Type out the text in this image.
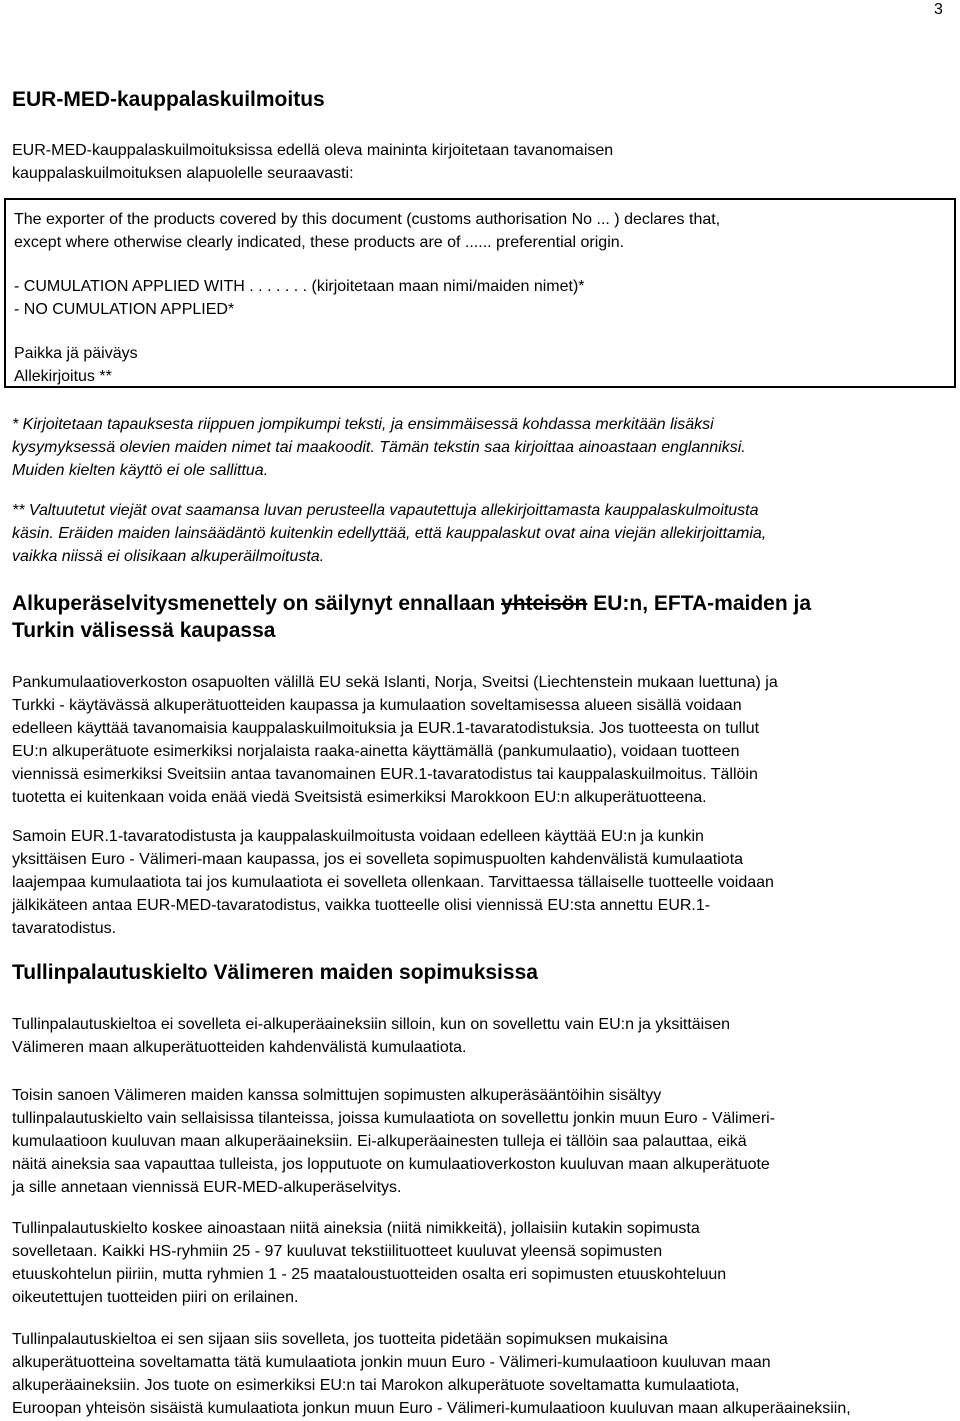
3
EUR-MED-kauppalaskuilmoitus
EUR-MED-kauppalaskuilmoituksissa edellä oleva maininta kirjoitetaan tavanomaisen
kauppalaskuilmoituksen alapuolelle seuraavasti:
The exporter of the products covered by this document (customs authorisation No ... ) declares that,
except where otherwise clearly indicated, these products are of ...... preferential origin.
- CUMULATION APPLIED WITH . . . . . . . (kirjoitetaan maan nimi/maiden nimet)*
- NO CUMULATION APPLIED*
Paikka jä päiväys
Allekirjoitus **
* Kirjoitetaan tapauksesta riippuen jompikumpi teksti, ja ensimmäisessä kohdassa merkitään lisäksi
kysymyksessä olevien maiden nimet tai maakoodit. Tämän tekstin saa kirjoittaa ainoastaan englanniksi.
Muiden kielten käyttö ei ole sallittua.
** Valtuutetut viejät ovat saamansa luvan perusteella vapautettuja allekirjoittamasta kauppalaskulmoitusta
käsin. Eräiden maiden lainsäädäntö kuitenkin edellyttää, että kauppalaskut ovat aina viejän allekirjoittamia,
vaikka niissä ei olisikaan alkuperäilmoitusta.
Alkuperäselvitysmenettely on säilynyt ennallaan yhteisön EU:n, EFTA-maiden ja
Turkin välisessä kaupassa
Pankumulaatioverkoston osapuolten välillä EU sekä Islanti, Norja, Sveitsi (Liechtenstein mukaan luettuna) ja
Turkki - käytävässä alkuperätuotteiden kaupassa ja kumulaation soveltamisessa alueen sisällä voidaan
edelleen käyttää tavanomaisia kauppalaskuilmoituksia ja EUR.1-tavaratodistuksia. Jos tuotteesta on tullut
EU:n alkuperätuote esimerkiksi norjalaista raaka-ainetta käyttämällä (pankumulaatio), voidaan tuotteen
viennissä esimerkiksi Sveitsiin antaa tavanomainen EUR.1-tavaratodistus tai kauppalaskuilmoitus. Tällöin
tuotetta ei kuitenkaan voida enää viedä Sveitsistä esimerkiksi Marokkoon EU:n alkuperätuotteena.
Samoin EUR.1-tavaratodistusta ja kauppalaskuilmoitusta voidaan edelleen käyttää EU:n ja kunkin
yksittäisen Euro - Välimeri-maan kaupassa, jos ei sovelleta sopimuspuolten kahdenvälistä kumulaatiota
laajempaa kumulaatiota tai jos kumulaatiota ei sovelleta ollenkaan. Tarvittaessa tällaiselle tuotteelle voidaan
jälkikäteen antaa EUR-MED-tavaratodistus, vaikka tuotteelle olisi viennissä EU:sta annettu EUR.1-
tavaratodistus.
Tullinpalautuskielto Välimeren maiden sopimuksissa
Tullinpalautuskieltoa ei sovelleta ei-alkuperäaineksiin silloin, kun on sovellettu vain EU:n ja yksittäisen
Välimeren maan alkuperätuotteiden kahdenvälistä kumulaatiota.
Toisin sanoen Välimeren maiden kanssa solmittujen sopimusten alkuperäsääntöihin sisältyy
tullinpalautuskielto vain sellaisissa tilanteissa, joissa kumulaatiota on sovellettu jonkin muun Euro - Välimeri-
kumulaatioon kuuluvan maan alkuperäaineksiin. Ei-alkuperäainesten tulleja ei tällöin saa palauttaa, eikä
näitä aineksia saa vapauttaa tulleista, jos lopputuote on kumulaatioverkoston kuuluvan maan alkuperätuote
ja sille annetaan viennissä EUR-MED-alkuperäselvitys.
Tullinpalautuskielto koskee ainoastaan niitä aineksia (niitä nimikkeitä), jollaisiin kutakin sopimusta
sovelletaan. Kaikki HS-ryhmiin 25 - 97 kuuluvat tekstiilituotteet kuuluvat yleensä sopimusten
etuuskohtelun piiriin, mutta ryhmien 1 - 25 maataloustuotteiden osalta eri sopimusten etuuskohteluun
oikeutettujen tuotteiden piiri on erilainen.
Tullinpalautuskieltoa ei sen sijaan siis sovelleta, jos tuotteita pidetään sopimuksen mukaisina
alkuperätuotteina soveltamatta tätä kumulaatiota jonkin muun Euro - Välimeri-kumulaatioon kuuluvan maan
alkuperäaineksiin. Jos tuote on esimerkiksi EU:n tai Marokon alkuperätuote soveltamatta kumulaatiota,
Euroopan yhteisön sisäistä kumulaatiota jonkun muun Euro - Välimeri-kumulaatioon kuuluvan maan alkuperäaineksiin,
